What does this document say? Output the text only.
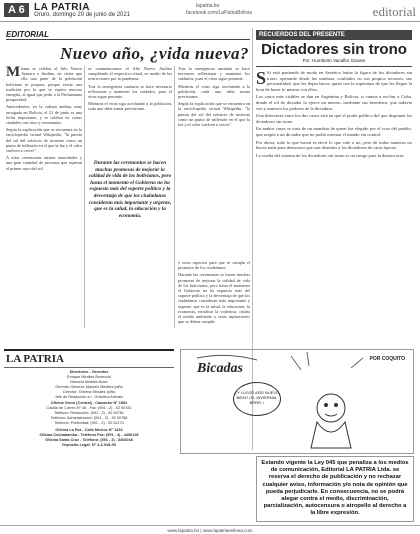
A 6 LA PATRIA
Oruro, domingo 20 de junio de 2021
lapatria.bo
facebook.com/LaPatriaBolivia	editorial
EDITORIAL
Nuevo año, ¿vida nueva?

Mñana se celebra el Año Nuevo Aymara o Andino, en cierta que ella una parte de la población boliviana se prepara, porque existe una tradición por la que se espera renovar energías, al igual que pedir a la Pachamama prosperidad.

Antecedentes, en la cultura andina, muy arraigada en Bolivia, el 21 de junio es una fecha importante, y se celebra en varias ciudades con ritos y ceremonias.

Según la explicación que se encuentra en la enciclopedia virtual Wikipedia, "la puesta del sol del solsticio de invierno como un punto de inflexión en el que la luz y el calor vuelven a crecer".

A estas ceremonias asisten autoridades y una gran cantidad de personas que esperan el primer rayo del sol.

se conmemoraron el Año Nuevo Andino cumpliendo el respectivo ritual, en medio de las restricciones por la pandemia.

Tras la emergencia sanitaria se hace necesario reflexionar y mantener los cuidados, pues el virus sigue presente.

Mientras el virus siga acechando a la población, cada uno debe tomar previsiones.

Durante las ceremonias se hacen muchas promesas de mejorar la calidad de vida de los bolivianos, pero hasta el momento el Gobierno no ha expuesto más del soporte político y la desventaja de que los ciudadanos consideran más importante y urgente, que es la salud, la educación y la economía.

y otros aspectos para que se cumpla el promotor de los ciudadanos.

Durante las ceremonias se hacen muchas promesas de mejorar la calidad de vida de los bolivianos, pero hasta el momento el Gobierno no ha expuesto más del soporte político y la desventaja de que los ciudadanos consideran más importante y urgente, que es la salud, la educación, la economía, erradicar la violencia, cuidar el medio ambiente y otras aspiraciones que se deben cumplir.

Tras la emergencia sanitaria se hace necesario reflexionar y mantener los cuidados, pues el virus sigue presente.

Mientras el virus siga acechando a la población, cada uno debe tomar previsiones.

Según la explicación que se encuentra en la enciclopedia virtual Wikipedia, "la puesta del sol del solsticio de invierno como un punto de inflexión en el que la luz y el calor vuelven a crecer".

RECUERDOS DEL PRESENTE
Dictadores sin trono
Por: Humberto Vacaflor Ganam

S Si está poniendo de moda en América latina la figura de los dictadores sin trono, operando desde las sombras, confiados en sus propios recursos, sus personalidad, que les dejan hacer, quizá con la esperanza de que les llegue la hora de hacer lo mismo con ellos.

Los casos más visibles se dan en Argentina y Bolivia, si vamos a excluir a Cuba, donde el rol de dictador lo ejerce un muerto, mediante sus herederos, que todavía ven y mueven los poderes de la dictadura.

Una diferencia entre los dos casos está en que el poder político del que disponen los dictadores sin trono.

En ambos casos se trata de un mandato de quien fue elegido por el voto del pueblo, que aceptó a un dictador que no podía ostentar el mando sin control.

Por ahora, todo lo que hacen es decir lo que vale o no, pero de todas maneras no hacen nada para demostrar que son distintos a los dictadores de otras épocas.

La vuelta del sistema de los dictadores sin trono es un riesgo para la democracia.

LA PATRIA
Directores - Gerentes
Enrique Miralles Bonecchi
Marcelo Miralles Bove
Gerente General: Marcelo Miralles Ipiña
Director: Ximena Miralles Ipiña
Jefe de Redacción a.i.: Grisolina Arévalo
Oficina Oruro (Central) - Camacho N° 1892
Casilla de Correo N° 48 - Fax: (591 - 2) - 52 50782
Teléfono: Redacción: (591 - 2) - 52 50781
Teléfono: Administración: (591 - 2) - 52 50788
Teléfono: Publicidad: (591 - 2) - 52 51174
Oficina La Paz - Calle Mexico N° 1433
Oficina Cochabamba - Teléfono Fax: (591 - 4) - 4496128
Oficina Santa Cruz - Teléfono: (591 - 3) - 3366048
Depósito Legal: N° 4-3-918-99
Bicadas
POR COQUITO
¿Y LLEGÓ AÑO NUEVO BIEN? ¡EL INVIERNAL BRRR..!
Estando vigente la Ley 045 que penaliza a los medios de comunicación, Editorial LA PATRIA Ltda. se reserva el derecho de publicación y no rechazar cualquier aviso, información y/o nota de opinión que pueda perjudicarle. En consecuencia, no se podrá alegar contra el medio, discriminación, parcialización, autocensura o atropello al derecho a la libre expresión.
www.lapatria.bo | www.lapatriaenlinea.com
